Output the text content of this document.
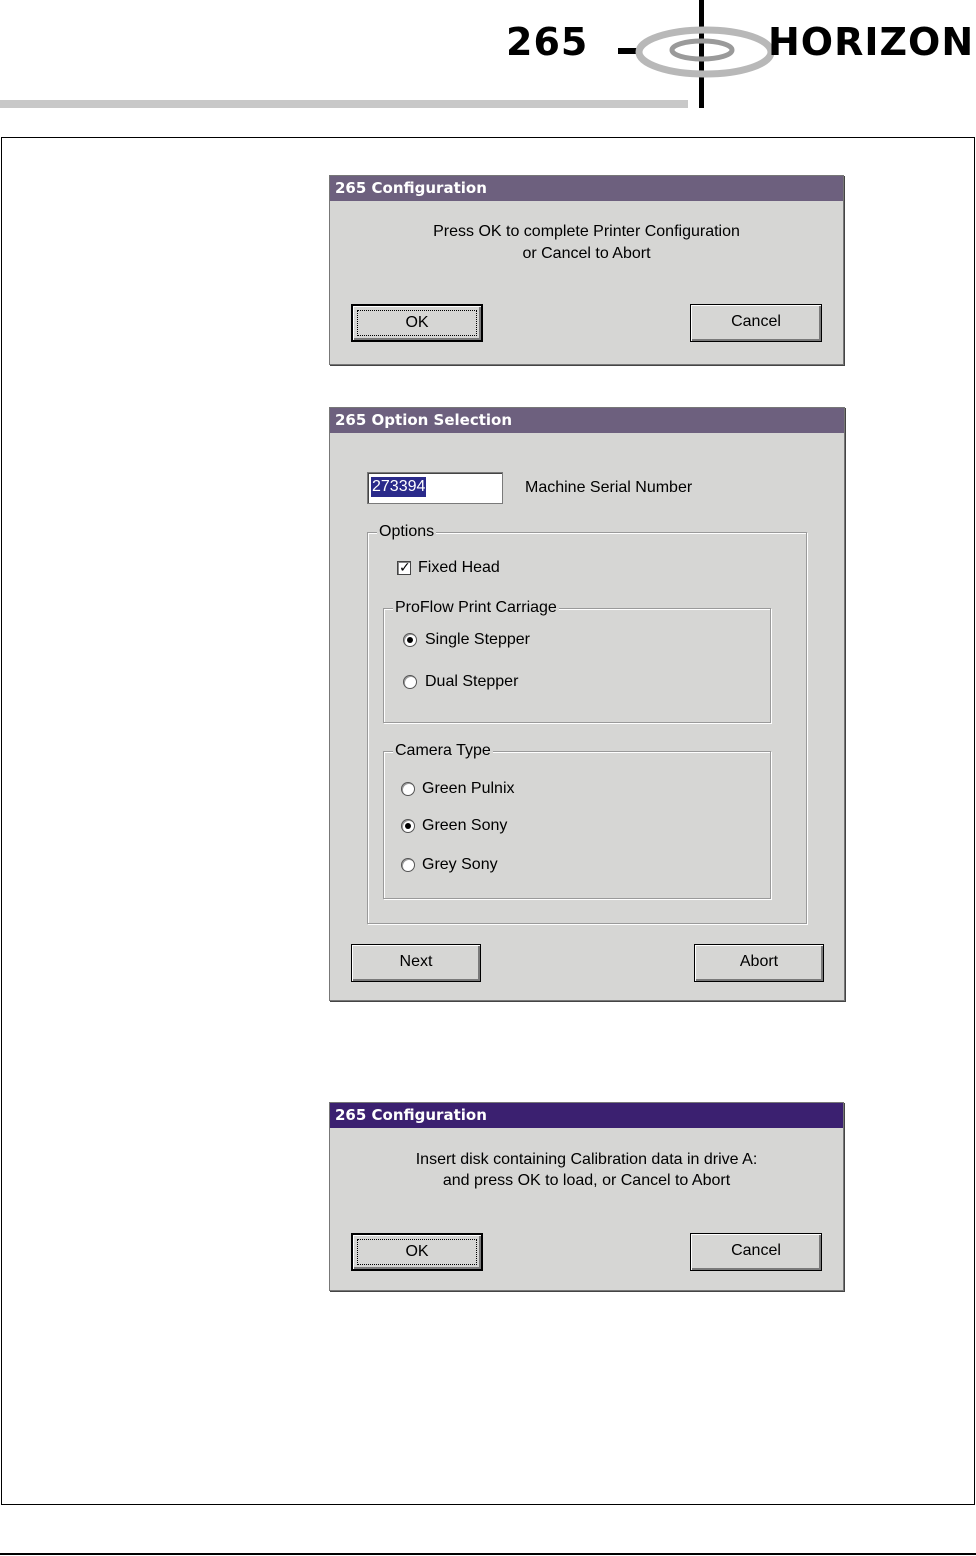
265	HORIZON
265 Configuration
Press OK to complete Printer Configuration
or Cancel to Abort
OK	Cancel
265 Option Selection
273394	Machine Serial Number
Options
✓ Fixed Head
ProFlow Print Carriage
Single Stepper
Dual Stepper
Camera Type
Green Pulnix
Green Sony
Grey Sony
Next	Abort
265 Configuration
Insert disk containing Calibration data in drive A:
and press OK to load, or Cancel to Abort
OK	Cancel
